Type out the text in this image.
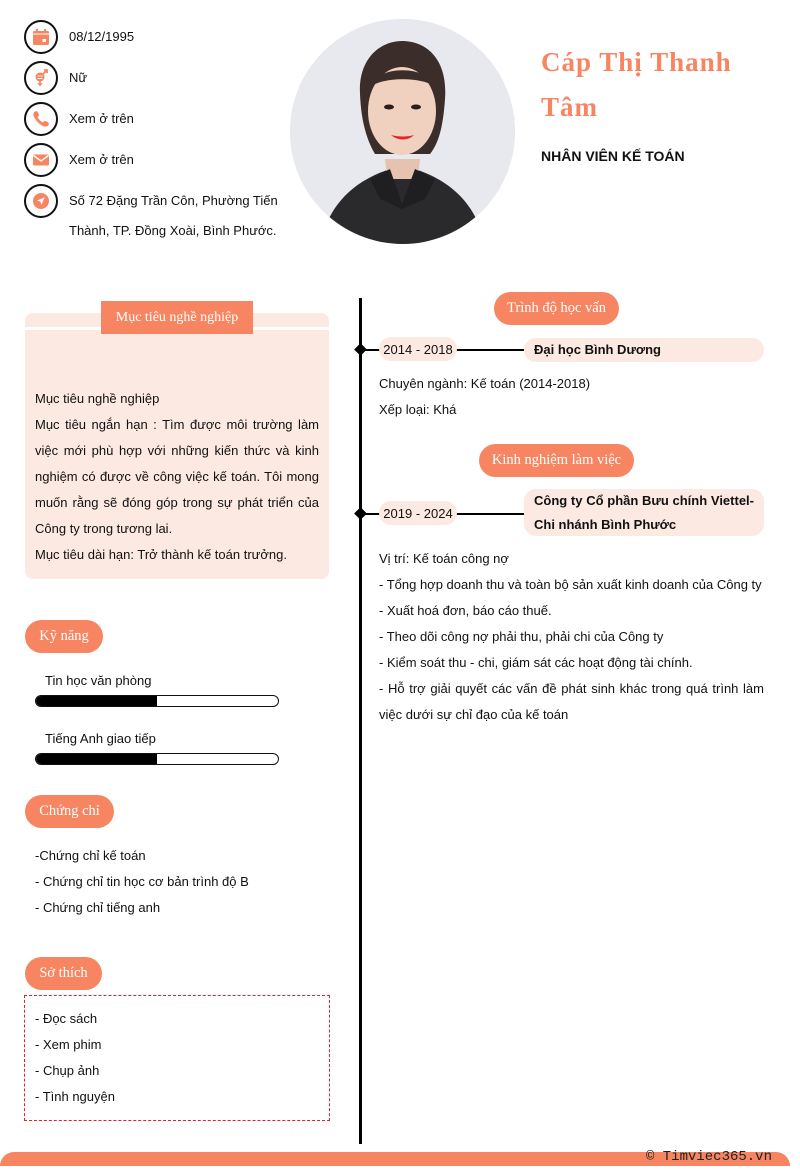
08/12/1995
Nữ
Xem ở trên
Xem ở trên
Số 72 Đặng Trần Côn, Phường Tiến Thành, TP. Đồng Xoài, Bình Phước.
Cáp Thị Thanh Tâm
NHÂN VIÊN KẾ TOÁN
Mục tiêu nghề nghiệp
Mục tiêu nghề nghiệp
Mục tiêu ngắn hạn : Tìm được môi trường làm việc mới phù hợp với những kiến thức và kinh nghiệm có được về công việc kế toán. Tôi mong muốn rằng sẽ đóng góp trong sự phát triển của Công ty trong tương lai.
Mục tiêu dài hạn: Trở thành kế toán trưởng.
Kỹ năng
Tin học văn phòng
Tiếng Anh giao tiếp
Chứng chỉ
-Chứng chỉ kế toán
- Chứng chỉ tin học cơ bản trình độ B
- Chứng chỉ tiếng anh
Sở thích
- Đọc sách
- Xem phim
- Chụp ảnh
- Tình nguyện
Trình độ học vấn
2014 - 2018	Đại học Bình Dương
Chuyên ngành: Kế toán (2014-2018)
Xếp loại: Khá
Kinh nghiệm làm việc
2019 - 2024
Công ty Cổ phần Bưu chính Viettel- Chi nhánh Bình Phước
Vị trí: Kế toán công nợ
- Tổng hợp doanh thu và toàn bộ sản xuất kinh doanh của Công ty
- Xuất hoá đơn, báo cáo thuế.
- Theo dõi công nợ phải thu, phải chi của Công ty
- Kiểm soát thu - chi, giám sát các hoạt động tài chính.
- Hỗ trợ giải quyết các vấn đề phát sinh khác trong quá trình làm việc dưới sự chỉ đạo của kế toán
© Timviec365.vn
